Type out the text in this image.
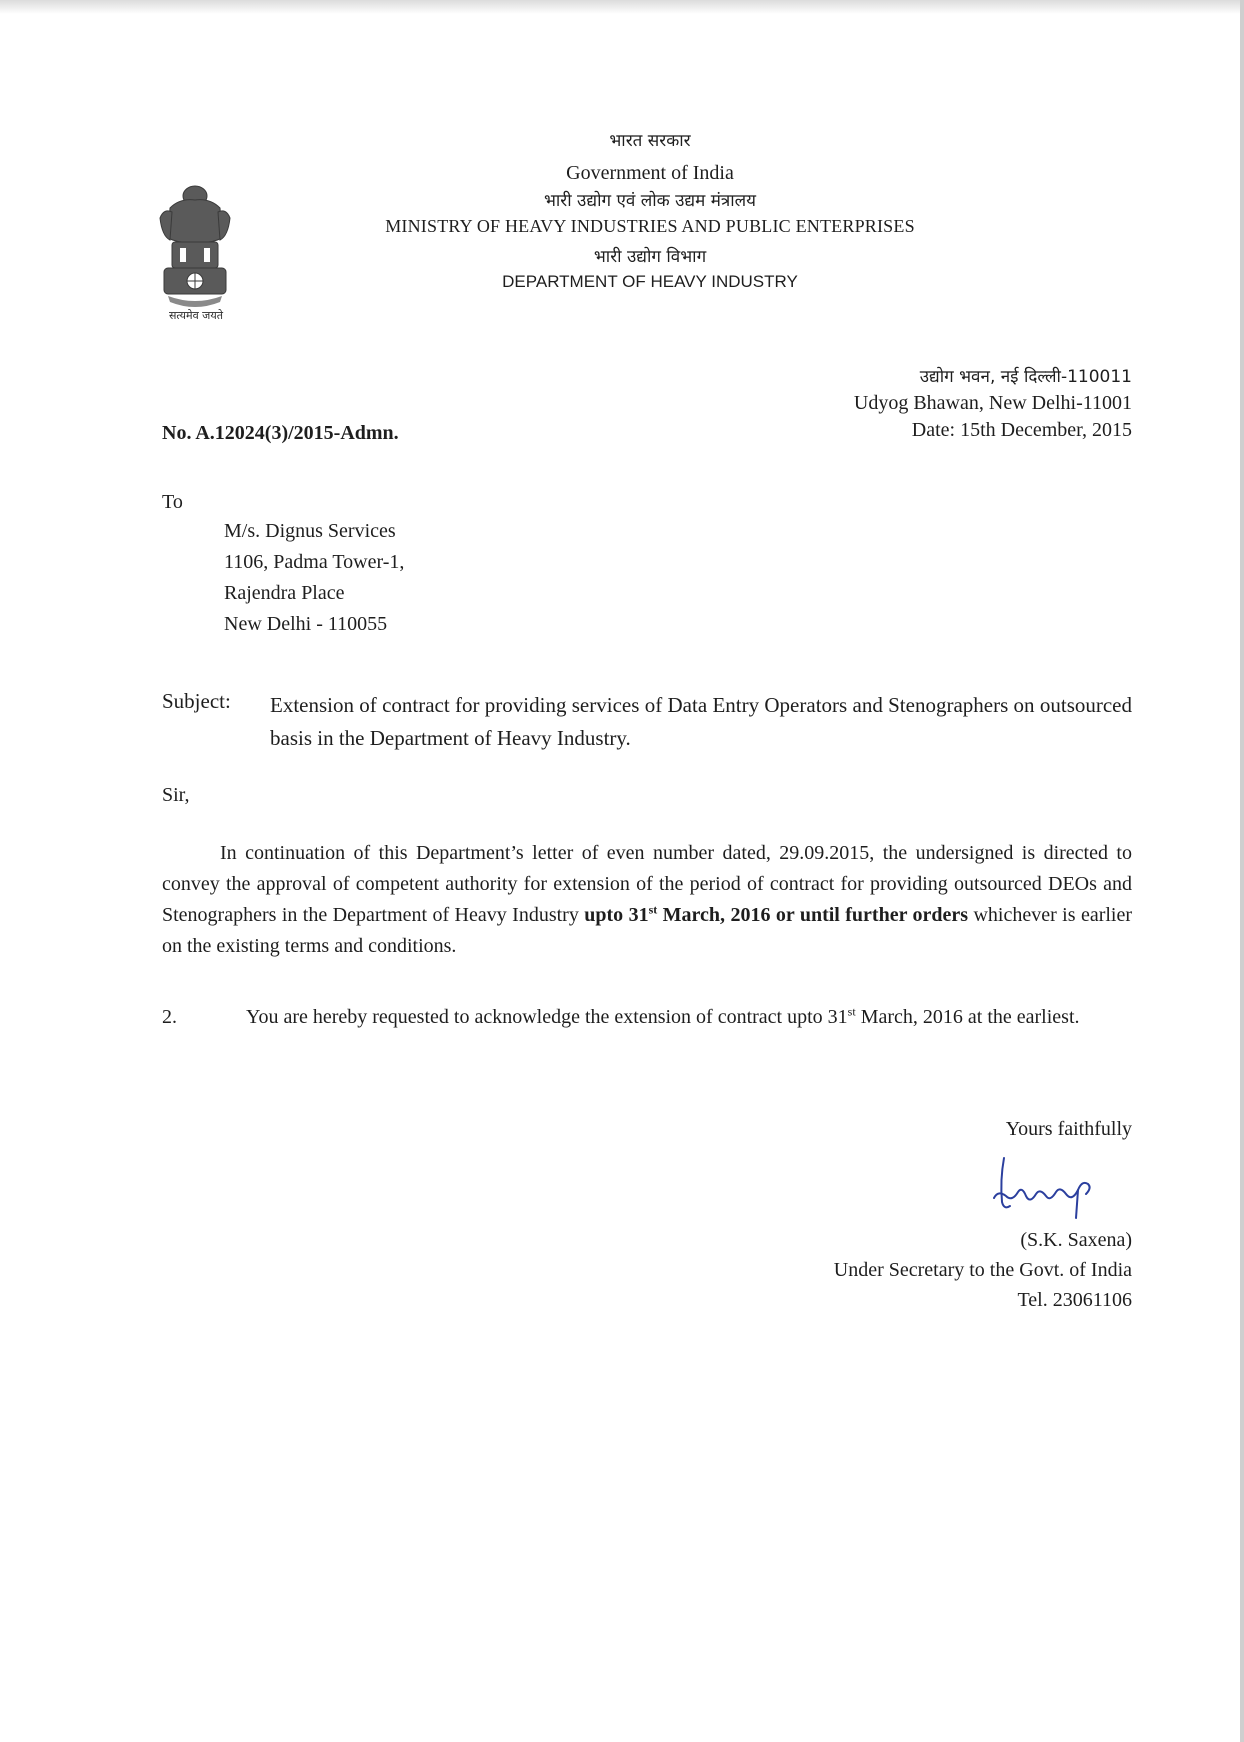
सत्यमेव जयते
भारत सरकार
Government of India
भारी उद्योग एवं लोक उद्यम मंत्रालय
MINISTRY OF HEAVY INDUSTRIES AND PUBLIC ENTERPRISES
भारी उद्योग विभाग
DEPARTMENT OF HEAVY INDUSTRY
उद्योग भवन, नई दिल्ली-110011
Udyog Bhawan, New Delhi-11001
Date: 15th December, 2015
No. A.12024(3)/2015-Admn.
To
M/s. Dignus Services
1106, Padma Tower-1,
Rajendra Place
New Delhi - 110055
Subject: Extension of contract for providing services of Data Entry Operators and Stenographers on outsourced basis in the Department of Heavy Industry.
Sir,

In continuation of this Department’s letter of even number dated, 29.09.2015, the undersigned is directed to convey the approval of competent authority for extension of the period of contract for providing outsourced DEOs and Stenographers in the Department of Heavy Industry upto 31st March, 2016 or until further orders whichever is earlier on the existing terms and conditions.

2.	You are hereby requested to acknowledge the extension of contract upto 31st March, 2016 at the earliest.

Yours faithfully
(S.K. Saxena)
Under Secretary to the Govt. of India
Tel. 23061106
